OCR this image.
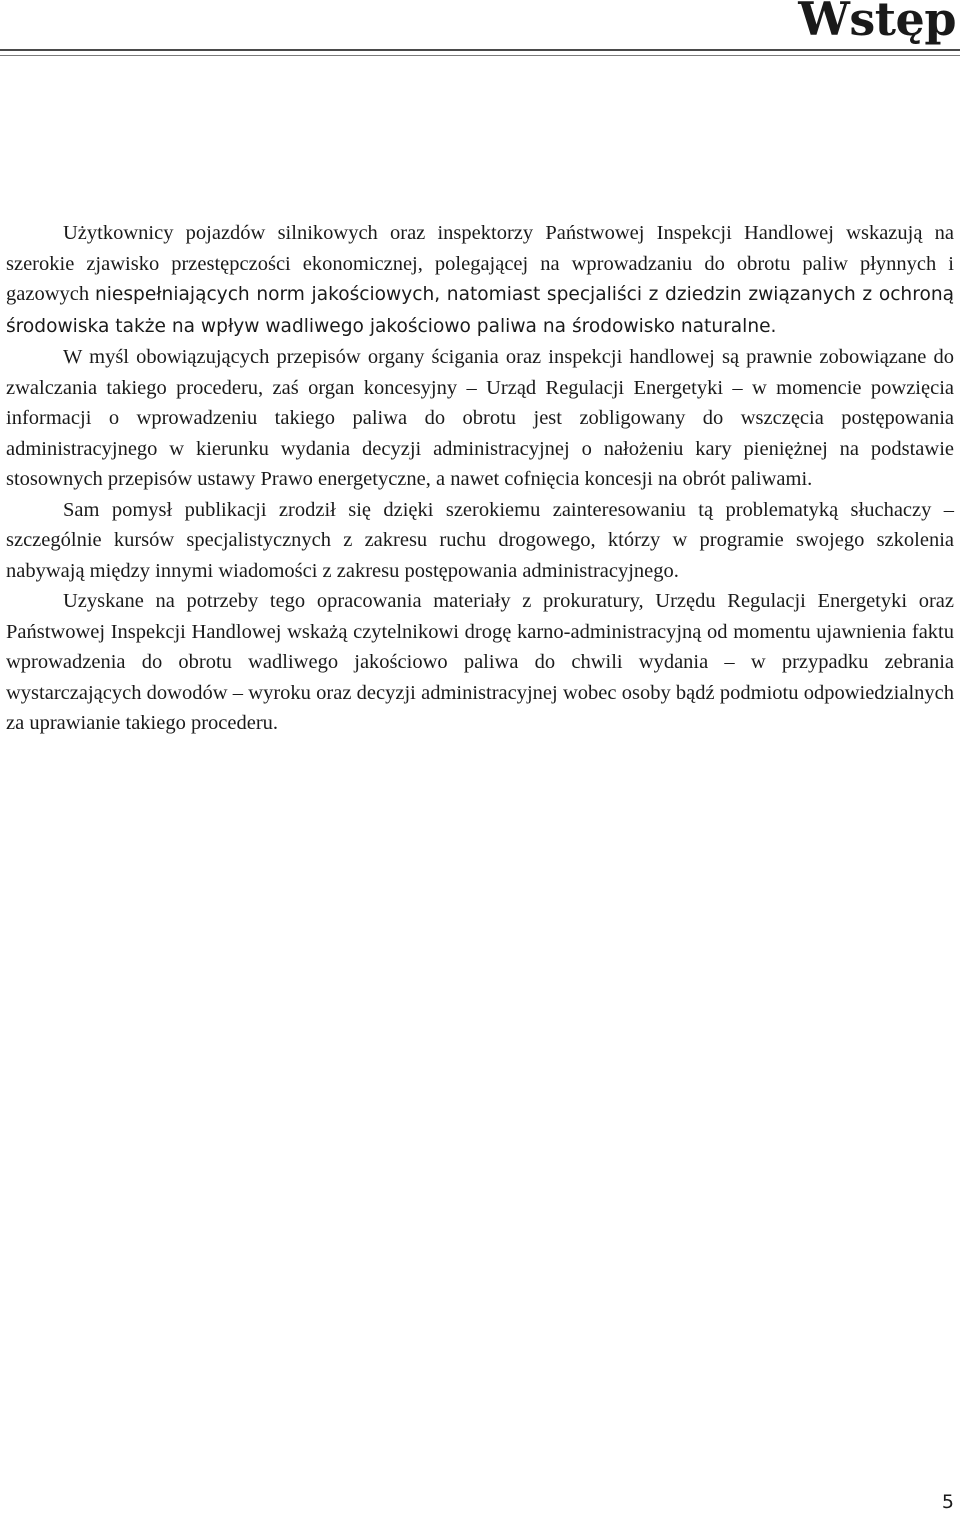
Wstęp

Użytkownicy pojazdów silnikowych oraz inspektorzy Państwowej Inspekcji Handlowej wskazują na szerokie zjawisko przestępczości ekonomicznej, polegającej na wprowadzaniu do obrotu paliw płynnych i gazowych niespełniających norm jakościowych, natomiast specjaliści z dziedzin związanych z ochroną środowiska także na wpływ wadliwego jakościowo paliwa na środowisko naturalne.

W myśl obowiązujących przepisów organy ścigania oraz inspekcji handlowej są prawnie zobowiązane do zwalczania takiego procederu, zaś organ koncesyjny – Urząd Regulacji Energetyki – w momencie powzięcia informacji o wprowadzeniu takiego paliwa do obrotu jest zobligowany do wszczęcia postępowania administracyjnego w kierunku wydania decyzji administracyjnej o nałożeniu kary pieniężnej na podstawie stosownych przepisów ustawy Prawo energetyczne, a nawet cofnięcia koncesji na obrót paliwami.

Sam pomysł publikacji zrodził się dzięki szerokiemu zainteresowaniu tą problematyką słuchaczy – szczególnie kursów specjalistycznych z zakresu ruchu drogowego, którzy w programie swojego szkolenia nabywają między innymi wiadomości z zakresu postępowania administracyjnego.

Uzyskane na potrzeby tego opracowania materiały z prokuratury, Urzędu Regulacji Energetyki oraz Państwowej Inspekcji Handlowej wskażą czytelnikowi drogę karno-administracyjną od momentu ujawnienia faktu wprowadzenia do obrotu wadliwego jakościowo paliwa do chwili wydania – w przypadku zebrania wystarczających dowodów – wyroku oraz decyzji administracyjnej wobec osoby bądź podmiotu odpowiedzialnych za uprawianie takiego procederu.

5
